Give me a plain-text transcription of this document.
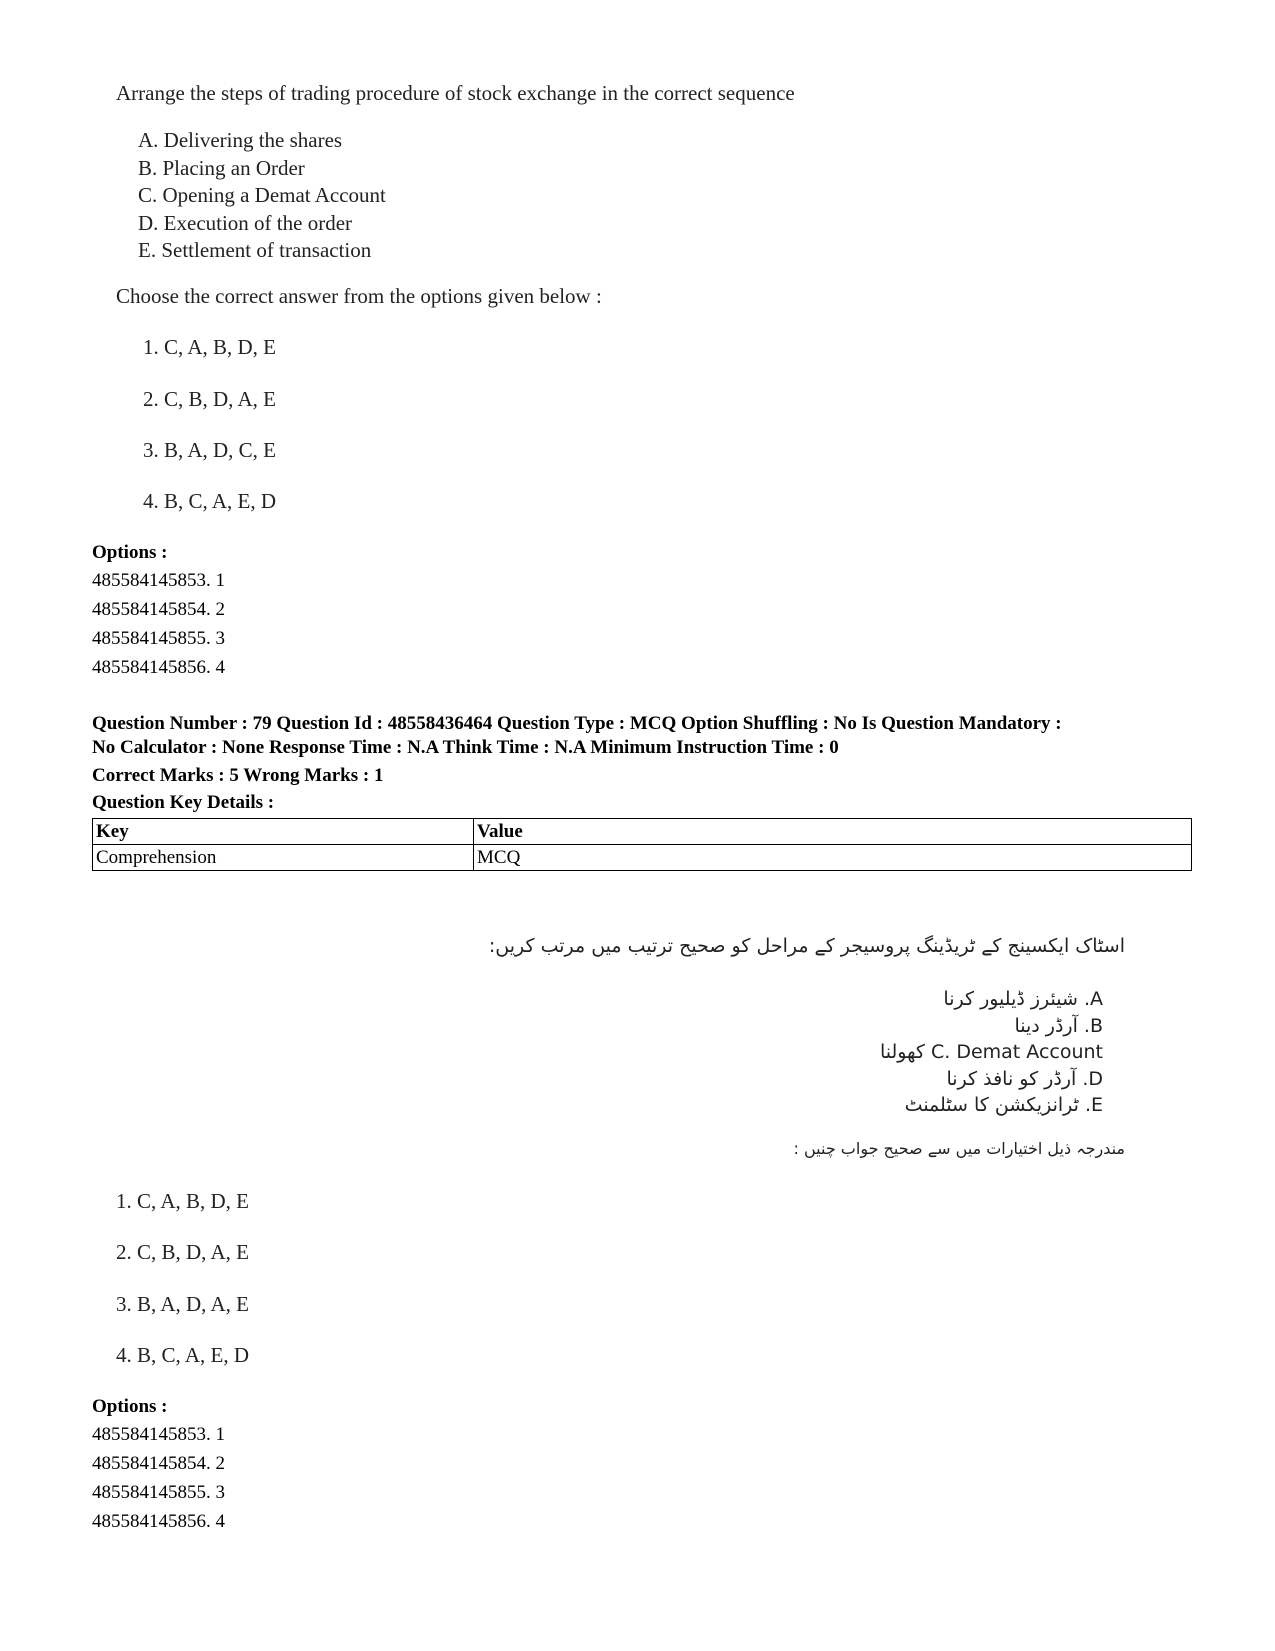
Arrange the steps of trading procedure of stock exchange in the correct sequence

A. Delivering the shares
B. Placing an Order
C. Opening a Demat Account
D. Execution of the order
E. Settlement of transaction

Choose the correct answer from the options given below :

1. C, A, B, D, E
2. C, B, D, A, E
3. B, A, D, C, E
4. B, C, A, E, D
Options :
485584145853. 1
485584145854. 2
485584145855. 3
485584145856. 4
Question Number : 79 Question Id : 48558436464 Question Type : MCQ Option Shuffling : No Is Question Mandatory :
No Calculator : None Response Time : N.A Think Time : N.A Minimum Instruction Time : 0
Correct Marks : 5 Wrong Marks : 1
Question Key Details :
Key	Value
Comprehension	MCQ
اسٹاک ایکسینج کے ٹریڈینگ پروسیجر کے مراحل کو صحیح ترتیب میں مرتب کریں:
A. شیئرز ڈیلیور کرنا
B. آرڈر دینا
C. Demat Account کھولنا
D. آرڈر کو نافذ کرنا
E. ٹرانزیکشن کا سٹلمنٹ
مندرجہ ذیل اختیارات میں سے صحیح جواب چنیں :
1. C, A, B, D, E
2. C, B, D, A, E
3. B, A, D, A, E
4. B, C, A, E, D
Options :
485584145853. 1
485584145854. 2
485584145855. 3
485584145856. 4
